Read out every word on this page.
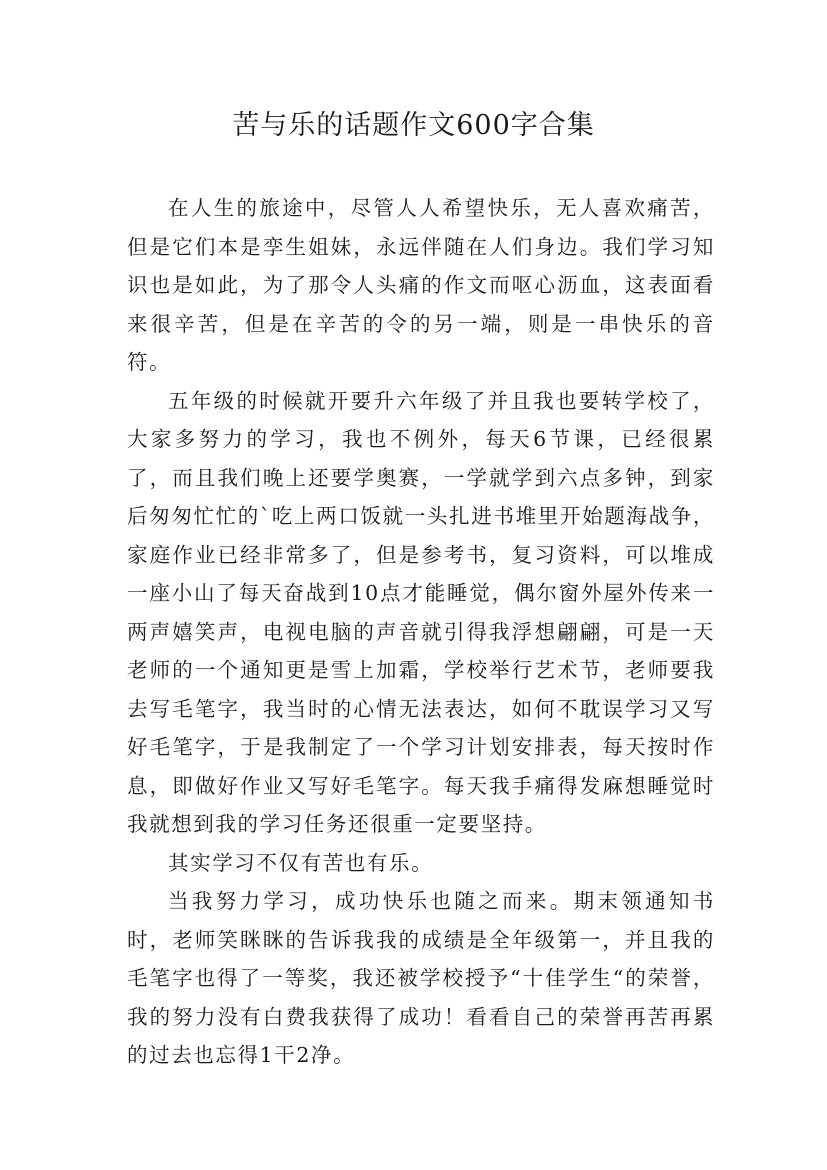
苦与乐的话题作文600字合集

在人生的旅途中，尽管人人希望快乐，无人喜欢痛苦，但是它们本是孪生姐妹，永远伴随在人们身边。我们学习知识也是如此，为了那令人头痛的作文而呕心沥血，这表面看来很辛苦，但是在辛苦的令的另一端，则是一串快乐的音符。

五年级的时候就开要升六年级了并且我也要转学校了，大家多努力的学习，我也不例外，每天6节课，已经很累了，而且我们晚上还要学奥赛，一学就学到六点多钟，到家后匆匆忙忙的`吃上两口饭就一头扎进书堆里开始题海战争，家庭作业已经非常多了，但是参考书，复习资料，可以堆成一座小山了每天奋战到10点才能睡觉，偶尔窗外屋外传来一两声嬉笑声，电视电脑的声音就引得我浮想翩翩，可是一天老师的一个通知更是雪上加霜，学校举行艺术节，老师要我去写毛笔字，我当时的心情无法表达，如何不耽误学习又写好毛笔字，于是我制定了一个学习计划安排表，每天按时作息，即做好作业又写好毛笔字。每天我手痛得发麻想睡觉时我就想到我的学习任务还很重一定要坚持。

其实学习不仅有苦也有乐。

当我努力学习，成功快乐也随之而来。期末领通知书时，老师笑眯眯的告诉我我的成绩是全年级第一，并且我的毛笔字也得了一等奖，我还被学校授予“十佳学生“的荣誉，我的努力没有白费我获得了成功！看看自己的荣誉再苦再累的过去也忘得1干2净。
